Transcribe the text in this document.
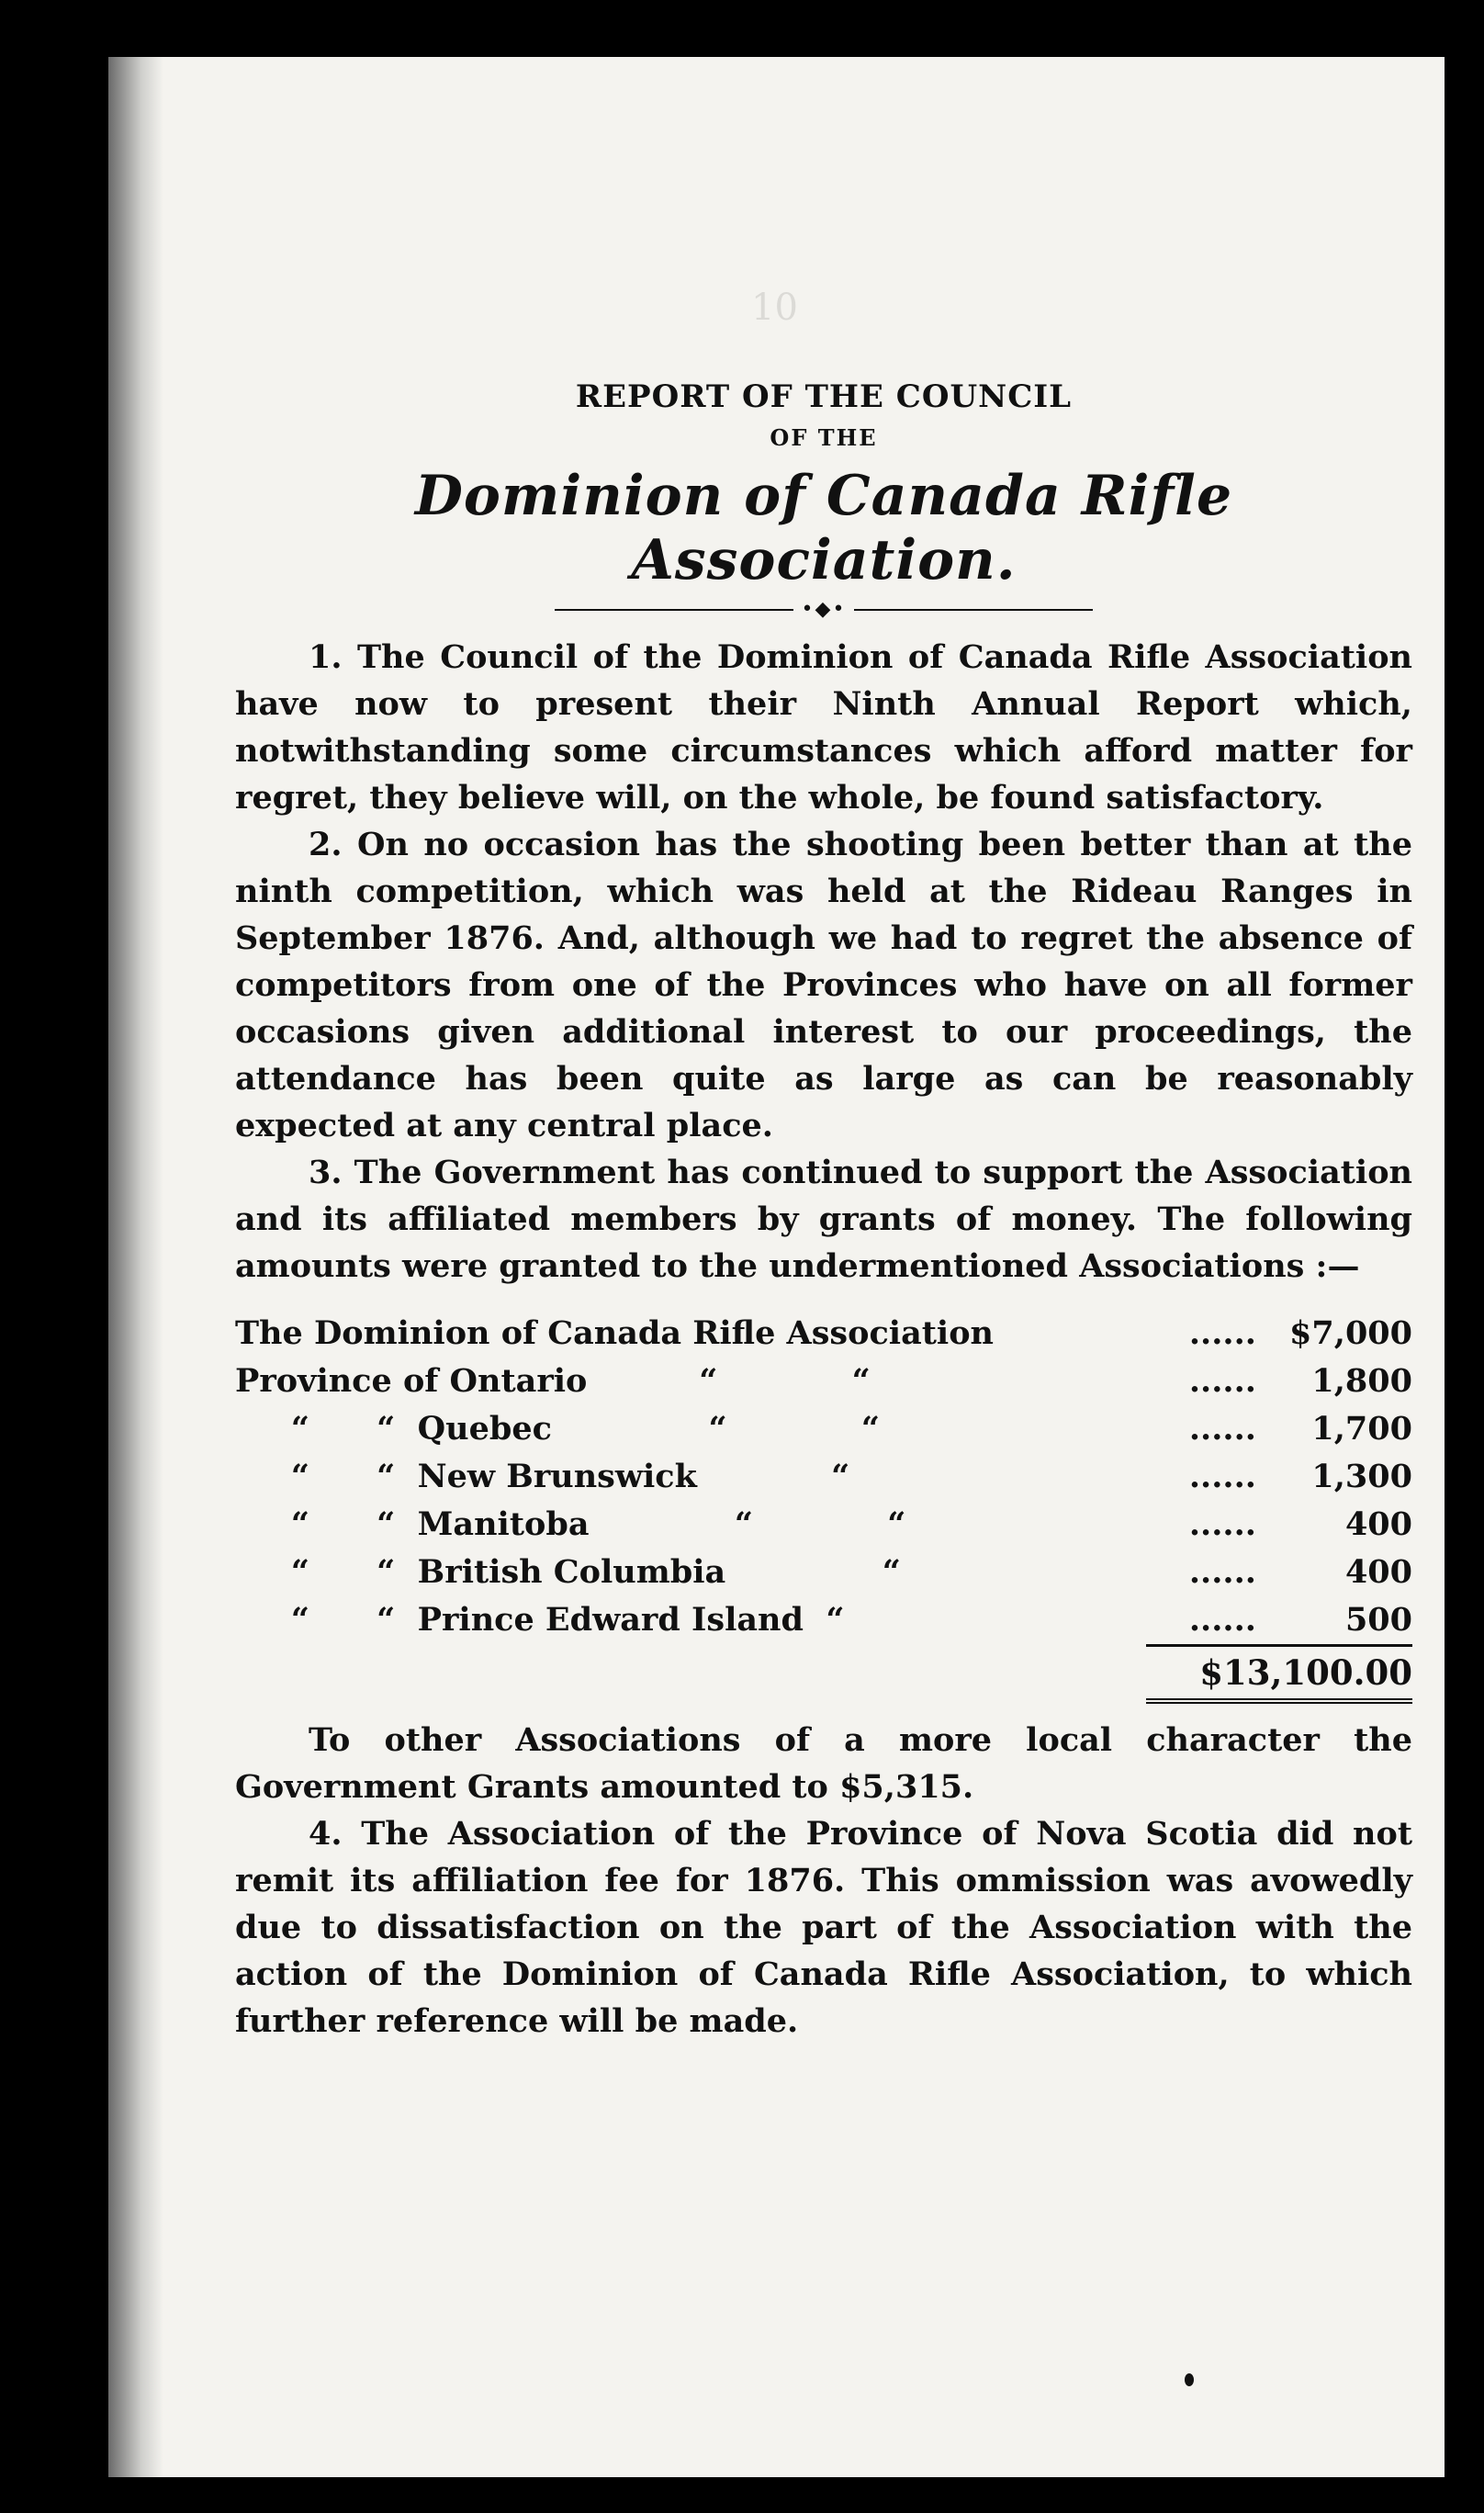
10
REPORT OF THE COUNCIL
OF THE
Dominion of Canada Rifle Association.
•◆•

1. The Council of the Dominion of Canada Rifle Association have now to present their Ninth Annual Report which, notwithstanding some circumstances which afford matter for regret, they believe will, on the whole, be found satisfactory.

2. On no occasion has the shooting been better than at the ninth competition, which was held at the Rideau Ranges in September 1876. And, although we had to regret the absence of competitors from one of the Provinces who have on all former occasions given additional interest to our proceedings, the attendance has been quite as large as can be reasonably expected at any central place.

3. The Government has continued to support the Association and its affiliated members by grants of money. The following amounts were granted to the undermentioned Associations :—

The Dominion of Canada Rifle Association	......	$7,000
Province of Ontario          “            “	......	1,800
“      “  Quebec              “            “	......	1,700
“      “  New Brunswick            “	......	1,300
“      “  Manitoba             “            “	......	400
“      “  British Columbia              “	......	400
“      “  Prince Edward Island  “	......	500
$13,100.00

To other Associations of a more local character the Government Grants amounted to $5,315.

4. The Association of the Province of Nova Scotia did not remit its affiliation fee for 1876. This ommission was avowedly due to dissatisfaction on the part of the Association with the action of the Dominion of Canada Rifle Association, to which further reference will be made.
